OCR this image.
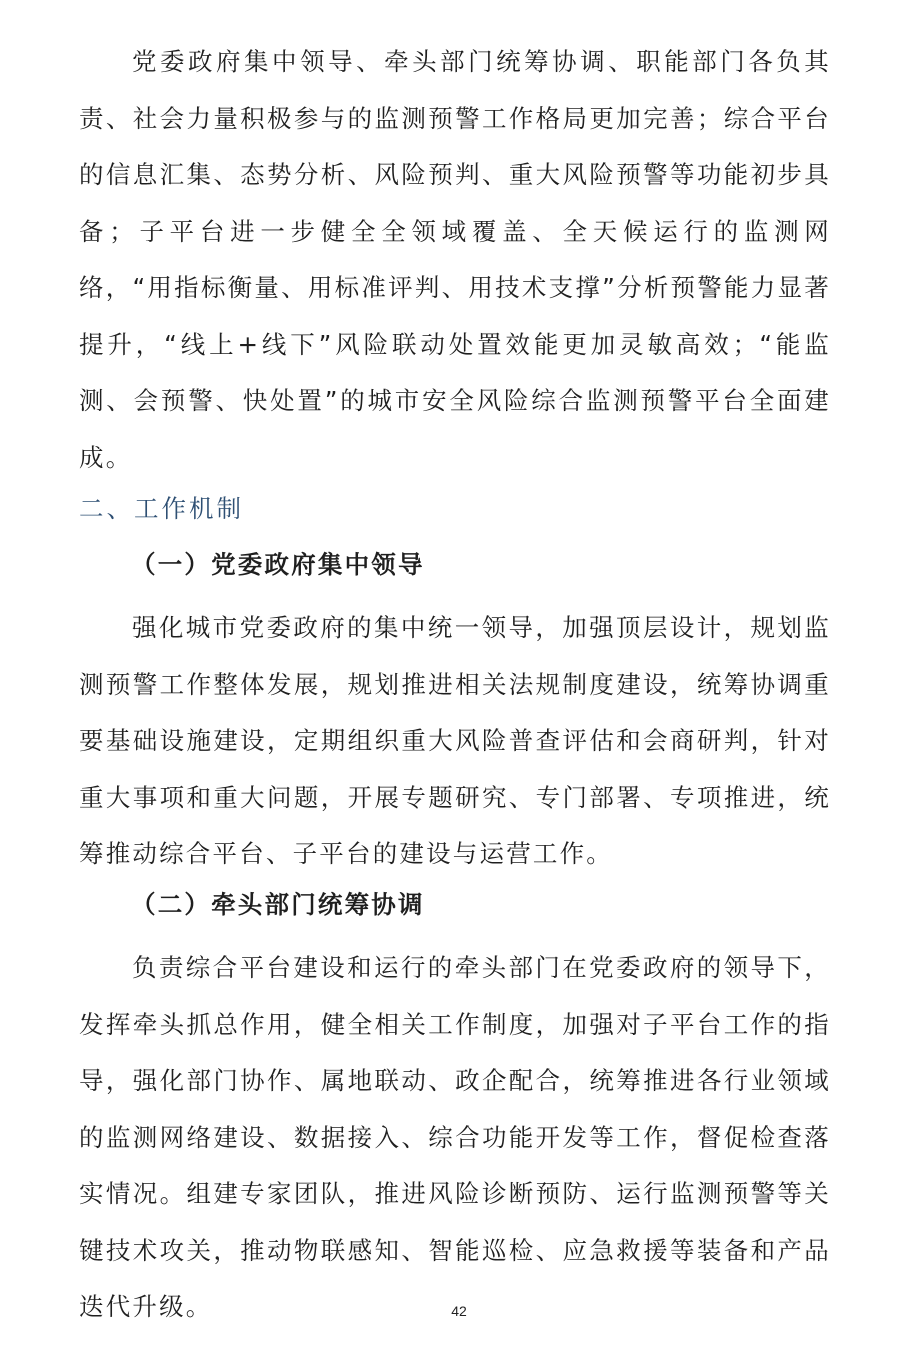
党委政府集中领导、牵头部门统筹协调、职能部门各负其责、社会力量积极参与的监测预警工作格局更加完善；综合平台的信息汇集、态势分析、风险预判、重大风险预警等功能初步具备；子平台进一步健全全领域覆盖、全天候运行的监测网络，“用指标衡量、用标准评判、用技术支撑”分析预警能力显著提升，“线上+线下”风险联动处置效能更加灵敏高效；“能监测、会预警、快处置”的城市安全风险综合监测预警平台全面建成。

二、工作机制
（一）党委政府集中领导

强化城市党委政府的集中统一领导，加强顶层设计，规划监测预警工作整体发展，规划推进相关法规制度建设，统筹协调重要基础设施建设，定期组织重大风险普查评估和会商研判，针对重大事项和重大问题，开展专题研究、专门部署、专项推进，统筹推动综合平台、子平台的建设与运营工作。

（二）牵头部门统筹协调

负责综合平台建设和运行的牵头部门在党委政府的领导下，发挥牵头抓总作用，健全相关工作制度，加强对子平台工作的指导，强化部门协作、属地联动、政企配合，统筹推进各行业领域的监测网络建设、数据接入、综合功能开发等工作，督促检查落实情况。组建专家团队，推进风险诊断预防、运行监测预警等关键技术攻关，推动物联感知、智能巡检、应急救援等装备和产品迭代升级。	42
